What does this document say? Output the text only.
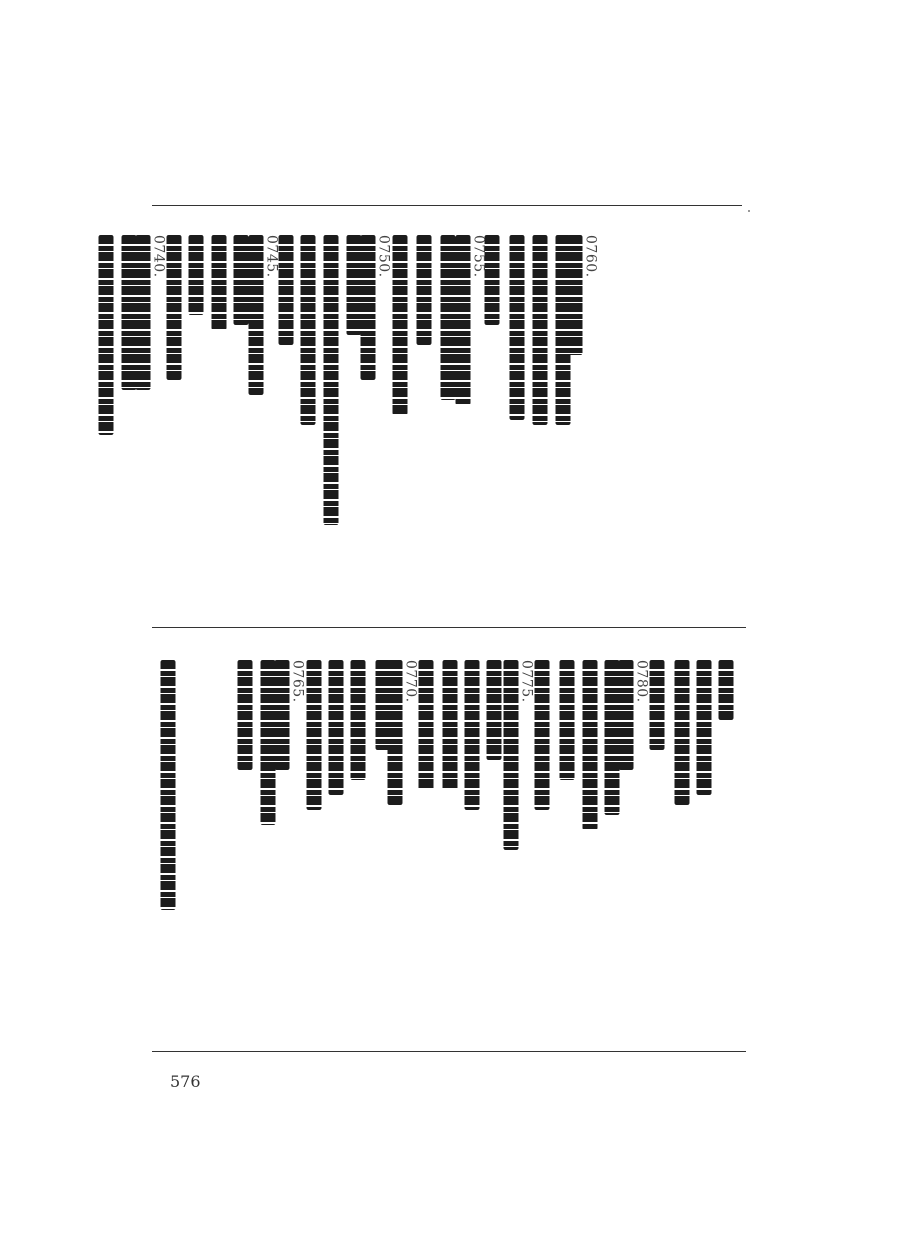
0760.
0755.
0750.
0745.
0740.
0780.
0775.
0770.
0765.
576
